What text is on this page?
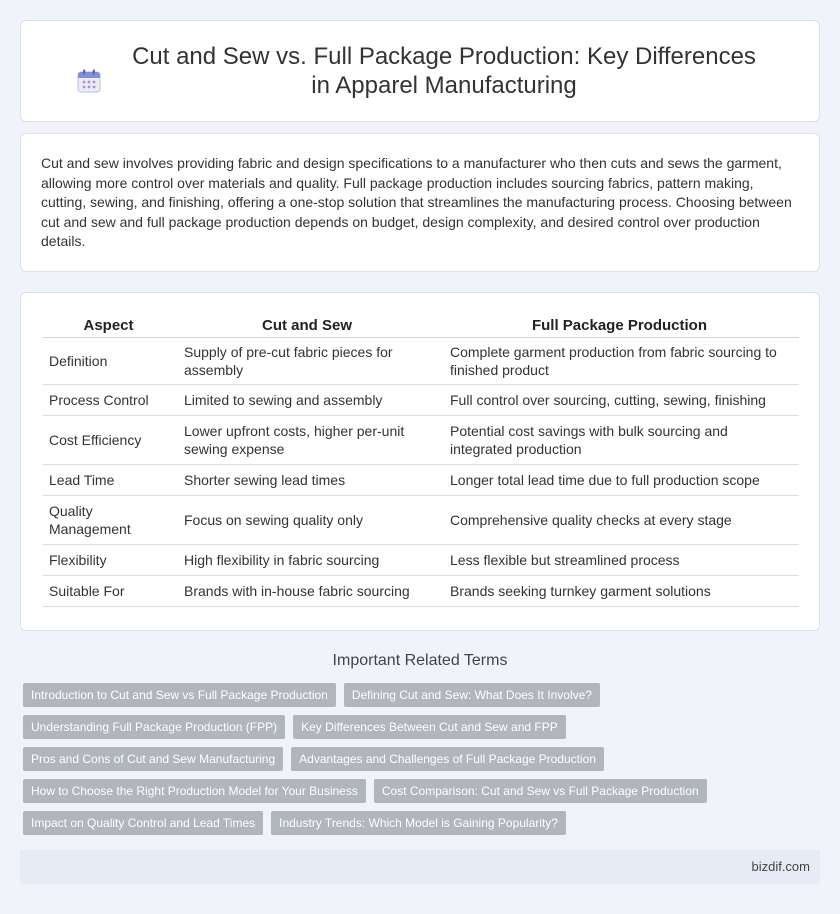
Cut and Sew vs. Full Package Production: Key Differences in Apparel Manufacturing

Cut and sew involves providing fabric and design specifications to a manufacturer who then cuts and sews the garment, allowing more control over materials and quality. Full package production includes sourcing fabrics, pattern making, cutting, sewing, and finishing, offering a one-stop solution that streamlines the manufacturing process. Choosing between cut and sew and full package production depends on budget, design complexity, and desired control over production details.

Aspect	Cut and Sew	Full Package Production
Definition	Supply of pre-cut fabric pieces for assembly	Complete garment production from fabric sourcing to finished product
Process Control	Limited to sewing and assembly	Full control over sourcing, cutting, sewing, finishing
Cost Efficiency	Lower upfront costs, higher per-unit sewing expense	Potential cost savings with bulk sourcing and integrated production
Lead Time	Shorter sewing lead times	Longer total lead time due to full production scope
Quality Management	Focus on sewing quality only	Comprehensive quality checks at every stage
Flexibility	High flexibility in fabric sourcing	Less flexible but streamlined process
Suitable For	Brands with in-house fabric sourcing	Brands seeking turnkey garment solutions
Important Related Terms
Introduction to Cut and Sew vs Full Package Production	Defining Cut and Sew: What Does It Involve?
Understanding Full Package Production (FPP)	Key Differences Between Cut and Sew and FPP
Pros and Cons of Cut and Sew Manufacturing	Advantages and Challenges of Full Package Production
How to Choose the Right Production Model for Your Business	Cost Comparison: Cut and Sew vs Full Package Production
Impact on Quality Control and Lead Times	Industry Trends: Which Model is Gaining Popularity?
bizdif.com
